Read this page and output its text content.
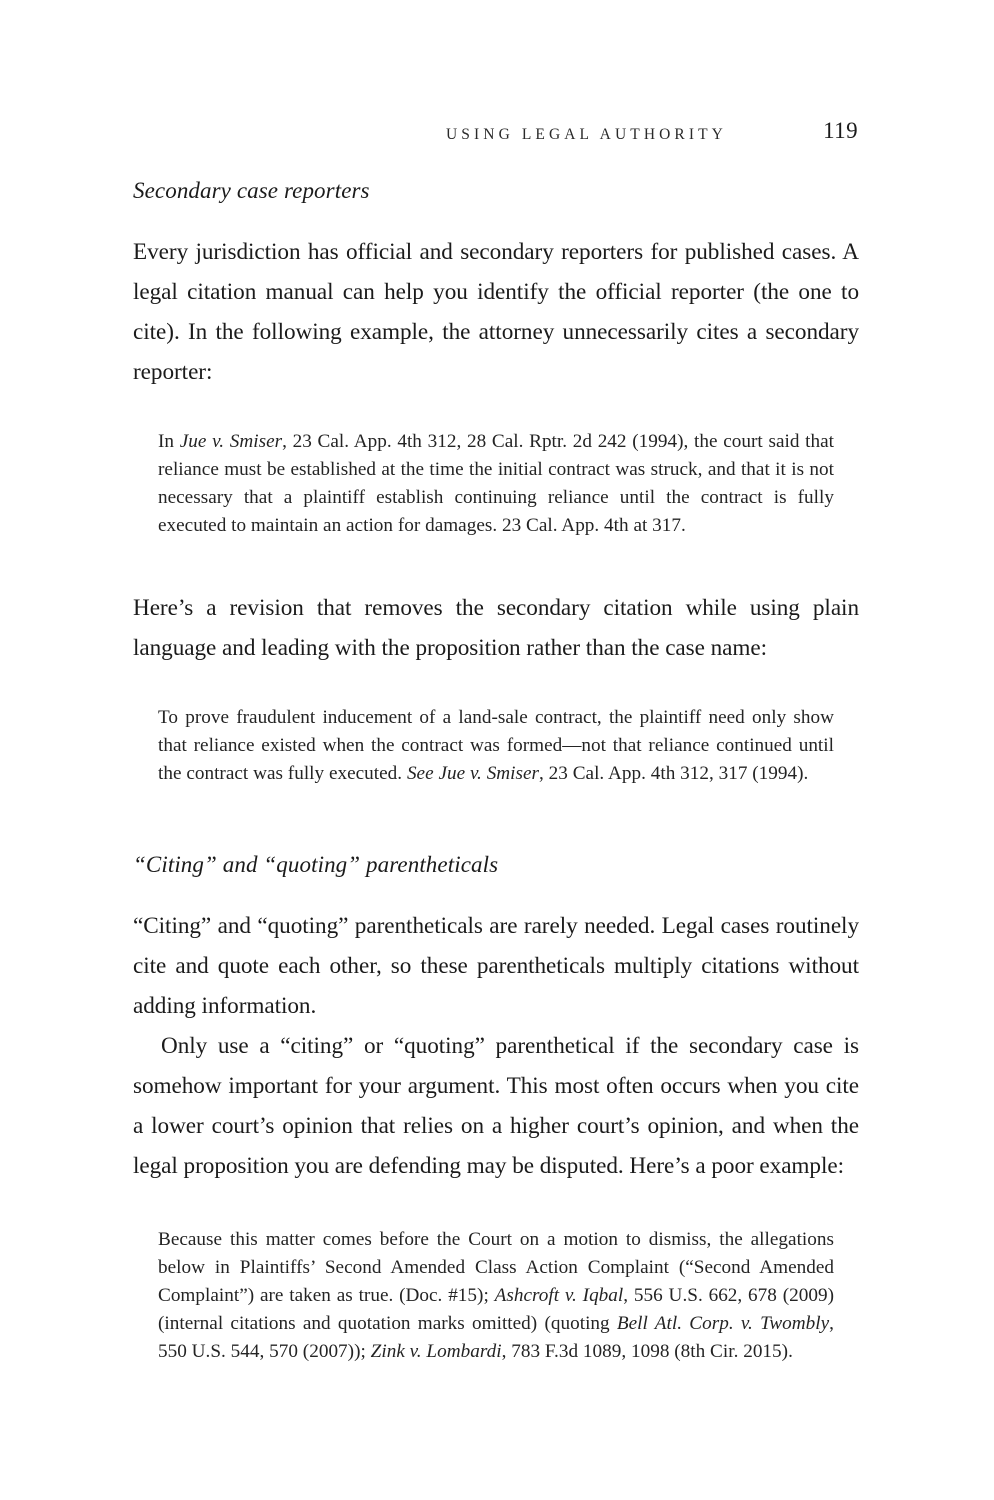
USING LEGAL AUTHORITY	119
Secondary case reporters

Every jurisdiction has official and secondary reporters for published cases. A legal citation manual can help you identify the official reporter (the one to cite). In the following example, the attorney unnecessarily cites a secondary reporter:

In Jue v. Smiser, 23 Cal. App. 4th 312, 28 Cal. Rptr. 2d 242 (1994), the court said that reliance must be established at the time the initial contract was struck, and that it is not necessary that a plaintiff establish continuing reliance until the contract is fully executed to maintain an action for damages. 23 Cal. App. 4th at 317.

Here’s a revision that removes the secondary citation while using plain language and leading with the proposition rather than the case name:

To prove fraudulent inducement of a land-sale contract, the plaintiff need only show that reliance existed when the contract was formed—not that reliance continued until the contract was fully executed. See Jue v. Smiser, 23 Cal. App. 4th 312, 317 (1994).
“Citing” and “quoting” parentheticals

“Citing” and “quoting” parentheticals are rarely needed. Legal cases routinely cite and quote each other, so these parentheticals multiply citations without adding information.

Only use a “citing” or “quoting” parenthetical if the secondary case is somehow important for your argument. This most often occurs when you cite a lower court’s opinion that relies on a higher court’s opinion, and when the legal proposition you are defending may be disputed. Here’s a poor example:

Because this matter comes before the Court on a motion to dismiss, the allegations below in Plaintiffs’ Second Amended Class Action Complaint (“Second Amended Complaint”) are taken as true. (Doc. #15); Ashcroft v. Iqbal, 556 U.S. 662, 678 (2009) (internal citations and quotation marks omitted) (quoting Bell Atl. Corp. v. Twombly, 550 U.S. 544, 570 (2007)); Zink v. Lombardi, 783 F.3d 1089, 1098 (8th Cir. 2015).
